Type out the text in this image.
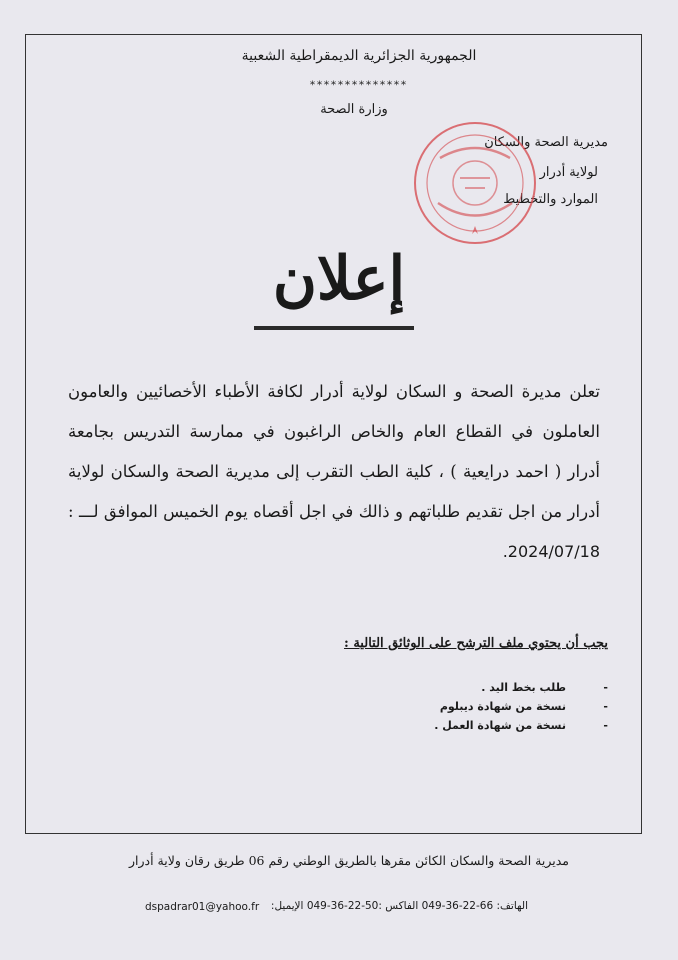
الجمهورية الجزائرية الديمقراطية الشعبية
**************
وزارة الصحة
مديرية الصحة والسكان
لولاية أدرار
الموارد والتخطيط
إعلان
تعلن مديرة الصحة و السكان لولاية أدرار لكافة الأطباء الأخصائيين والعامون العاملون في القطاع العام والخاص الراغبون في ممارسة التدريس بجامعة أدرار ( احمد درايعية ) ، كلية الطب التقرب إلى مديرية الصحة والسكان لولاية أدرار من اجل تقديم طلباتهم و ذالك في اجل أقصاه يوم الخميس الموافق لـــ : 2024/07/18.
يجب أن يحتوي ملف الترشح على الوثائق التالية :
-طلب بخط اليد .
-نسخة من شهادة ديبلوم
-نسخة من شهادة العمل .
مديرية الصحة والسكان الكائن مقرها بالطريق الوطني رقم 06 طريق رقان ولاية أدرار
الهاتف: 66-22-36-049 الفاكس :50-22-36-049 الإيميل:
dspadrar01@yahoo.fr
